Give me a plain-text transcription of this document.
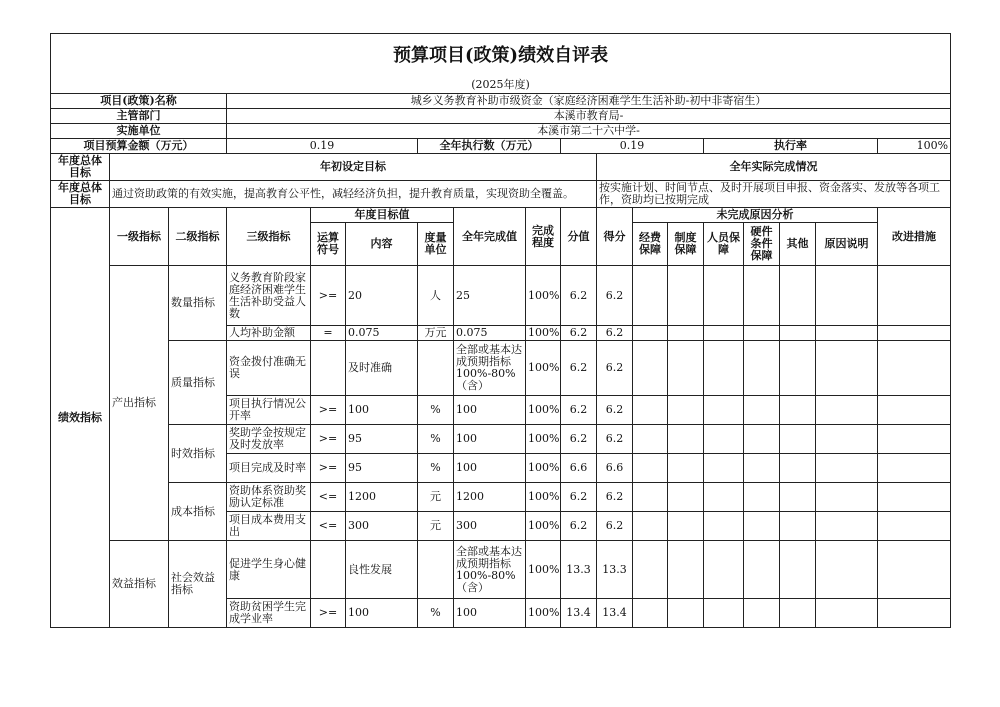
预算项目(政策)绩效自评表																	
(2025年度)																	
项目(政策)名称			城乡义务教育补助市级资金（家庭经济困难学生生活补助-初中非寄宿生）														
主管部门			本溪市教育局-														
实施单位			本溪市第二十六中学-														
项目预算金额（万元）			0.19			全年执行数（万元）			0.19				执行率				100%
年度总体目标	年初设定目标									全年实际完成情况							
年度总体目标	通过资助政策的有效实施，提高教育公平性，减轻经济负担，提升教育质量，实现资助全覆盖。									按实施计划、时间节点、及时开展项目申报、资金落实、发放等各项工作，资助均已按期完成							
绩效指标	一级指标	二级指标	三级指标	年度目标值			全年完成值	完成程度	分值	得分	未完成原因分析						改进措施
				运算符号	内容	度量单位					经费保障	制度保障	人员保障	硬件条件保障	其他	原因说明	

	产出指标	数量指标	义务教育阶段家庭经济困难学生生活补助受益人数	>=	20	人	25	100%	6.2	6.2							
			人均补助金额	=	0.075	万元	0.075	100%	6.2	6.2							
		质量指标	资金拨付准确无误		及时准确		全部或基本达成预期指标100%-80%（含）	100%	6.2	6.2							
			项目执行情况公开率	>=	100	%	100	100%	6.2	6.2							
		时效指标	奖助学金按规定及时发放率	>=	95	%	100	100%	6.2	6.2							
			项目完成及时率	>=	95	%	100	100%	6.6	6.6							
		成本指标	资助体系资助奖励认定标准	<=	1200	元	1200	100%	6.2	6.2							
			项目成本费用支出	<=	300	元	300	100%	6.2	6.2							
	效益指标	社会效益指标	促进学生身心健康		良性发展		全部或基本达成预期指标100%-80%（含）	100%	13.3	13.3							
			资助贫困学生完成学业率	>=	100	%	100	100%	13.4	13.4							
